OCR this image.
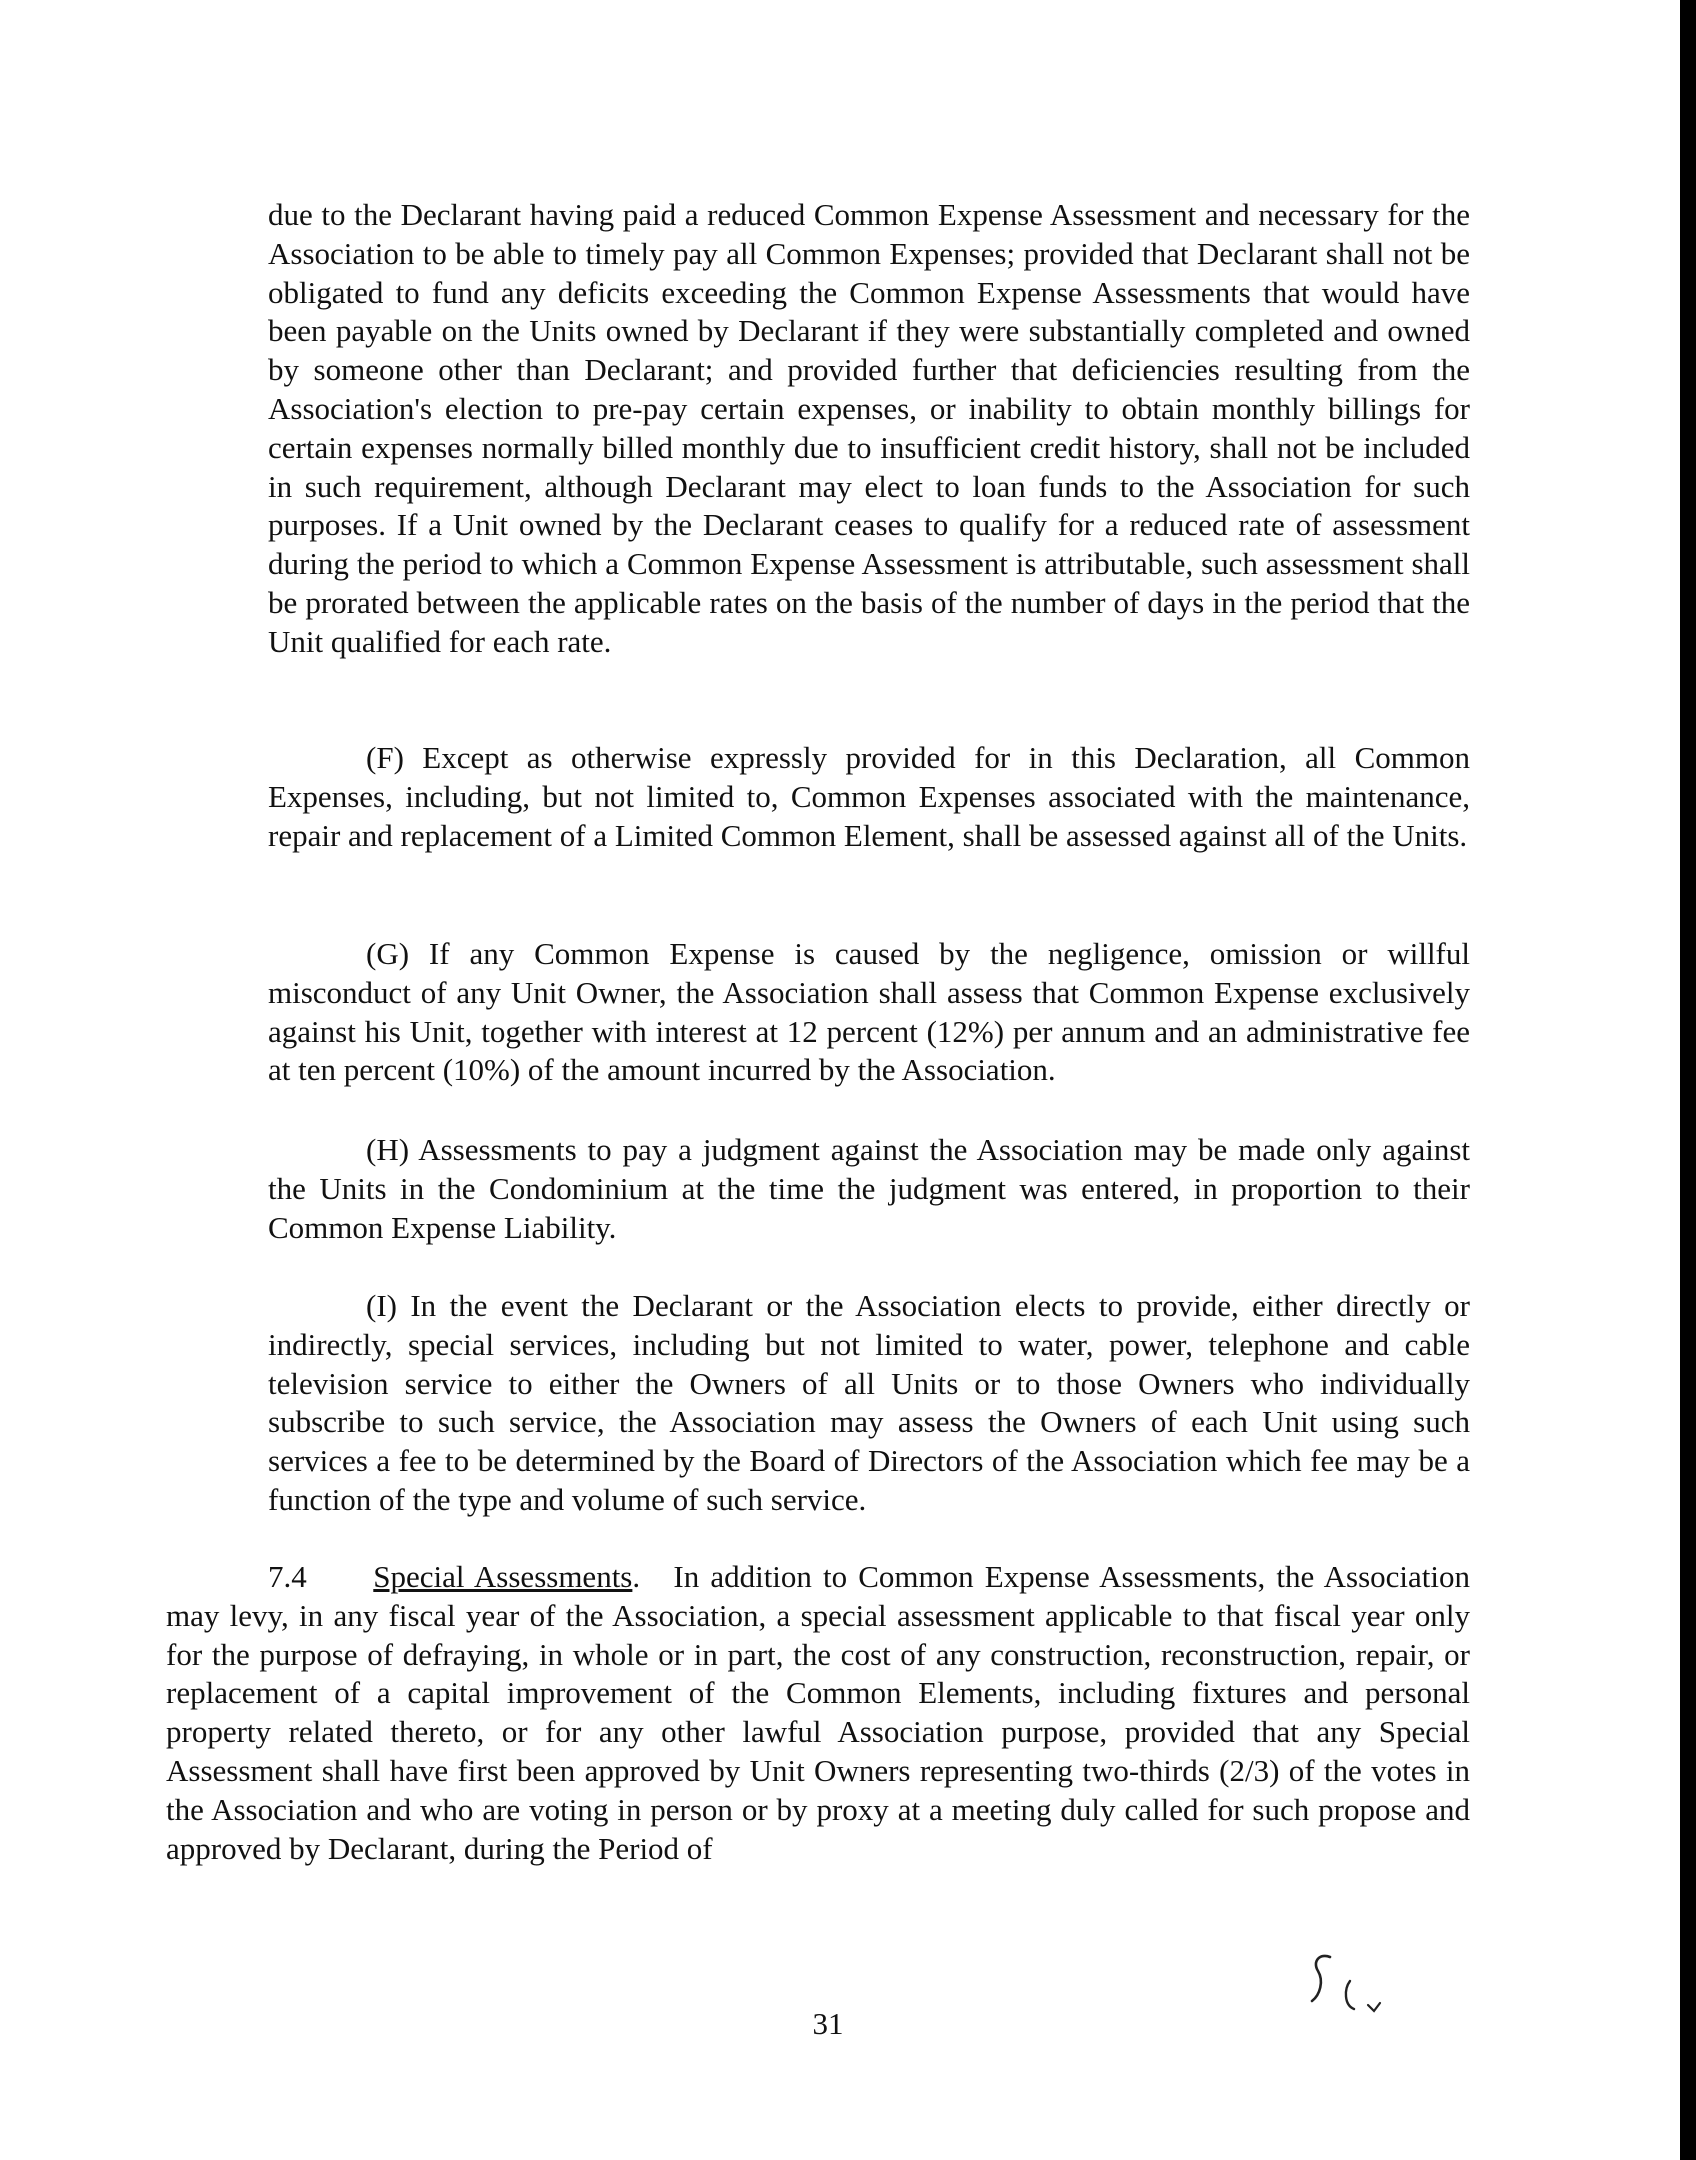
due to the Declarant having paid a reduced Common Expense Assessment and necessary for the Association to be able to timely pay all Common Expenses; provided that Declarant shall not be obligated to fund any deficits exceeding the Common Expense Assessments that would have been payable on the Units owned by Declarant if they were substantially completed and owned by someone other than Declarant; and provided further that deficiencies resulting from the Association's election to pre-pay certain expenses, or inability to obtain monthly billings for certain expenses normally billed monthly due to insufficient credit history, shall not be included in such requirement, although Declarant may elect to loan funds to the Association for such purposes. If a Unit owned by the Declarant ceases to qualify for a reduced rate of assessment during the period to which a Common Expense Assessment is attributable, such assessment shall be prorated between the applicable rates on the basis of the number of days in the period that the Unit qualified for each rate.

(F) Except as otherwise expressly provided for in this Declaration, all Common Expenses, including, but not limited to, Common Expenses associated with the maintenance, repair and replacement of a Limited Common Element, shall be assessed against all of the Units.

(G) If any Common Expense is caused by the negligence, omission or willful misconduct of any Unit Owner, the Association shall assess that Common Expense exclusively against his Unit, together with interest at 12 percent (12%) per annum and an administrative fee at ten percent (10%) of the amount incurred by the Association.

(H) Assessments to pay a judgment against the Association may be made only against the Units in the Condominium at the time the judgment was entered, in proportion to their Common Expense Liability.

(I) In the event the Declarant or the Association elects to provide, either directly or indirectly, special services, including but not limited to water, power, telephone and cable television service to either the Owners of all Units or to those Owners who individually subscribe to such service, the Association may assess the Owners of each Unit using such services a fee to be determined by the Board of Directors of the Association which fee may be a function of the type and volume of such service.

7.4 Special Assessments. In addition to Common Expense Assessments, the Association may levy, in any fiscal year of the Association, a special assessment applicable to that fiscal year only for the purpose of defraying, in whole or in part, the cost of any construction, reconstruction, repair, or replacement of a capital improvement of the Common Elements, including fixtures and personal property related thereto, or for any other lawful Association purpose, provided that any Special Assessment shall have first been approved by Unit Owners representing two-thirds (2/3) of the votes in the Association and who are voting in person or by proxy at a meeting duly called for such propose and approved by Declarant, during the Period of

31
